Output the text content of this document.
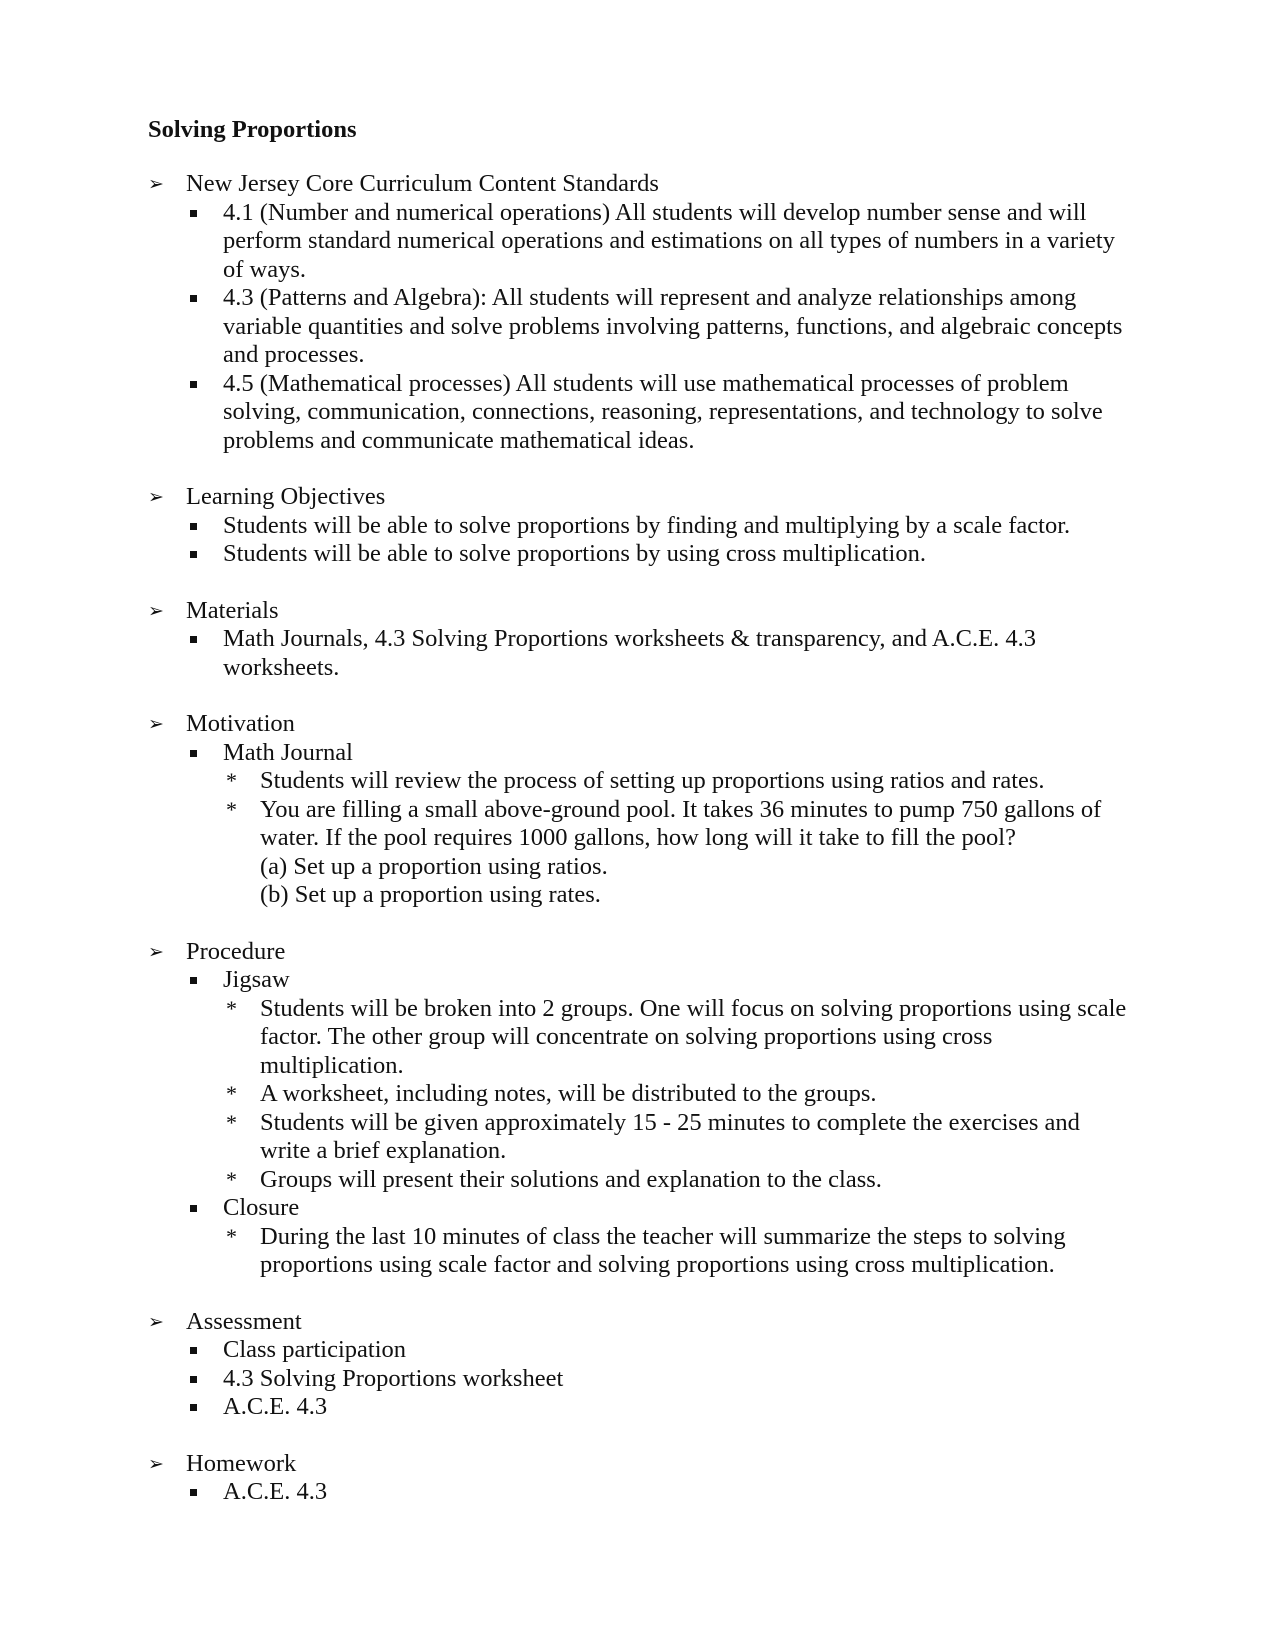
Solving Proportions
➢ New Jersey Core Curriculum Content Standards
4.1 (Number and numerical operations) All students will develop number sense and will perform standard numerical operations and estimations on all types of numbers in a variety of ways.
4.3 (Patterns and Algebra): All students will represent and analyze relationships among variable quantities and solve problems involving patterns, functions, and algebraic concepts and processes.
4.5 (Mathematical processes) All students will use mathematical processes of problem solving, communication, connections, reasoning, representations, and technology to solve problems and communicate mathematical ideas.
➢ Learning Objectives
Students will be able to solve proportions by finding and multiplying by a scale factor.
Students will be able to solve proportions by using cross multiplication.
➢ Materials
Math Journals, 4.3 Solving Proportions worksheets & transparency, and A.C.E. 4.3 worksheets.
➢ Motivation
Math Journal
* Students will review the process of setting up proportions using ratios and rates.
* You are filling a small above-ground pool. It takes 36 minutes to pump 750 gallons of water. If the pool requires 1000 gallons, how long will it take to fill the pool?
(a) Set up a proportion using ratios.
(b) Set up a proportion using rates.
➢ Procedure
Jigsaw
* Students will be broken into 2 groups. One will focus on solving proportions using scale factor. The other group will concentrate on solving proportions using cross multiplication.
* A worksheet, including notes, will be distributed to the groups.
* Students will be given approximately 15 - 25 minutes to complete the exercises and write a brief explanation.
* Groups will present their solutions and explanation to the class.
Closure
* During the last 10 minutes of class the teacher will summarize the steps to solving proportions using scale factor and solving proportions using cross multiplication.
➢ Assessment
Class participation
4.3 Solving Proportions worksheet
A.C.E. 4.3
➢ Homework
A.C.E. 4.3
